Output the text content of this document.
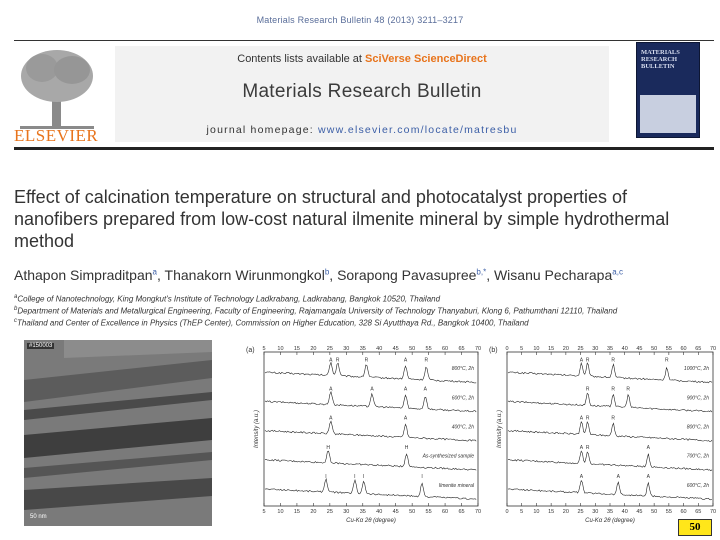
Materials Research Bulletin 48 (2013) 3211–3217
ELSEVIER
Contents lists available at SciVerse ScienceDirect
Materials Research Bulletin
journal homepage: www.elsevier.com/locate/matresbu
MATERIALS RESEARCH BULLETIN
Effect of calcination temperature on structural and photocatalyst properties of nanofibers prepared from low-cost natural ilmenite mineral by simple hydrothermal method
Athapon Simpraditpan$^a$, Thanakorn Wirunmongkol$^b$, Sorapong Pavasupree$^{b,*}$, Wisanu Pecharapa$^{a,c}$
$^a$College of Nanotechnology, King Mongkut's Institute of Technology Ladkrabang, Ladkrabang, Bangkok 10520, Thailand
$^b$Department of Materials and Metallurgical Engineering, Faculty of Engineering, Rajamangala University of Technology Thanyaburi, Klong 6, Pathumthani 12110, Thailand
$^c$Thailand and Center of Excellence in Physics (ThEP Center), Commission on Higher Education, 328 Si Ayutthaya Rd., Bangkok 10400, Thailand
#150003
50 nm
(a) 5
5
10
10
15
15
20
20
25
25
30
30
35
35
40
40
45
45
50
50
55
55
60
60
65
65
70
70
Cu-Kα 2θ (degree)
Intensity (a.u.)
800°C, 2h
A R	R	A	R
600°C, 2h
A	A	A	A
400°C, 2h
A	A
As-synthesized sample
H	H
Ilmenite mineral
I	I I	I
(b) 0
0
5
5
10
10
15
15
20
20
25
25
30
30
35
35
40
40
45
45
50
50
55
55
60
60
65
65
70
70
Cu-Kα 2θ (degree)
Intensity (a.u.)
1000°C, 2h
A R	R	R
900°C, 2h
R	R R
800°C, 2h
A R	R
700°C, 2h
A R	A
600°C, 2h
A	A	A
50
